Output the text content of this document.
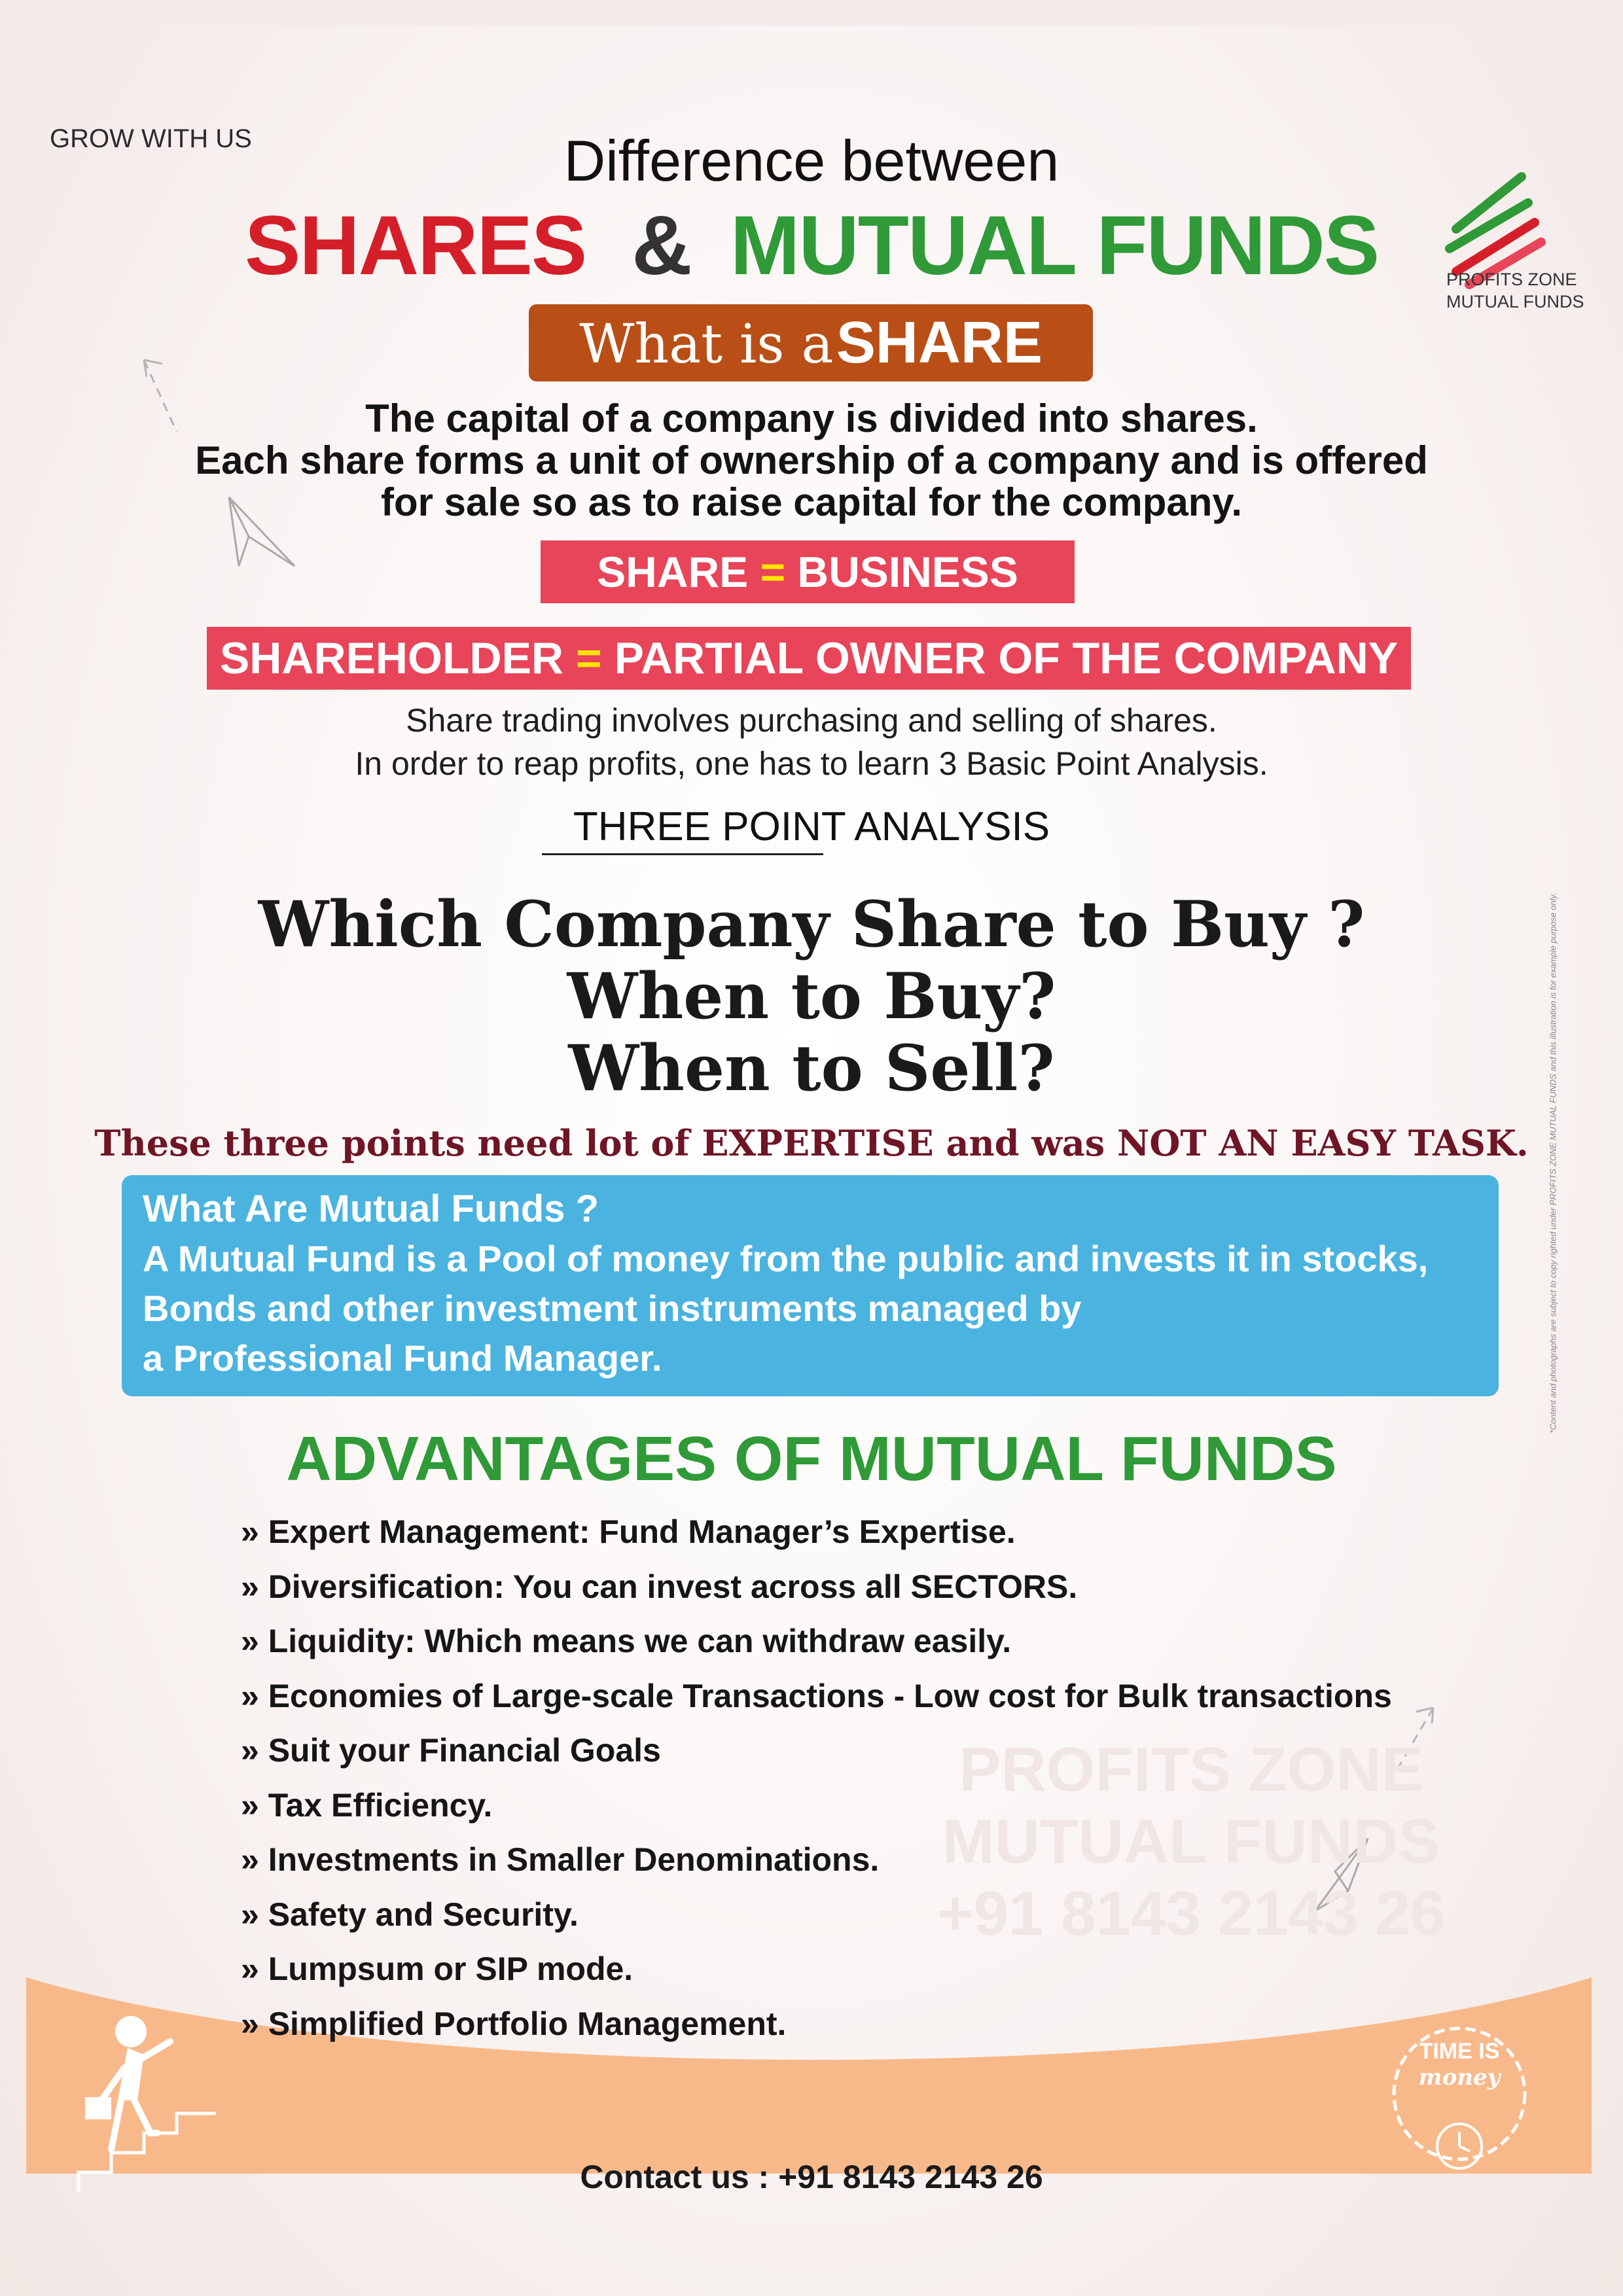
GROW WITH US	Difference between
SHARES & MUTUAL FUNDS	PROFITS ZONE
MUTUAL FUNDS
What is a SHARE
The capital of a company is divided into shares.
Each share forms a unit of ownership of a company and is offered
for sale so as to raise capital for the company.
SHARE = BUSINESS
SHAREHOLDER = PARTIAL OWNER OF THE COMPANY
Share trading involves purchasing and selling of shares.
In order to reap profits, one has to learn 3 Basic Point Analysis.
THREE POINT ANALYSIS
Which Company Share to Buy ?
When to Buy?
When to Sell?
These three points need lot of EXPERTISE and was NOT AN EASY TASK.
What Are Mutual Funds ?
A Mutual Fund is a Pool of money from the public and invests it in stocks,
Bonds and other investment instruments managed by
a Professional Fund Manager.
ADVANTAGES OF MUTUAL FUNDS
PROFITS ZONE
MUTUAL FUNDS
+91 8143 2143 26
» Expert Management: Fund Manager’s Expertise.
» Diversification: You can invest across all SECTORS.
» Liquidity: Which means we can withdraw easily.
» Economies of Large-scale Transactions - Low cost for Bulk transactions
» Suit your Financial Goals
» Tax Efficiency.
» Investments in Smaller Denominations.
» Safety and Security.
» Lumpsum or SIP mode.
» Simplified Portfolio Management.
TIME IS
money
Contact us : +91 8143 2143 26
*Content and photographs are subject to copy righted under PROFITS ZONE MUTUAL FUNDS and this illustration is for example purpose only.
